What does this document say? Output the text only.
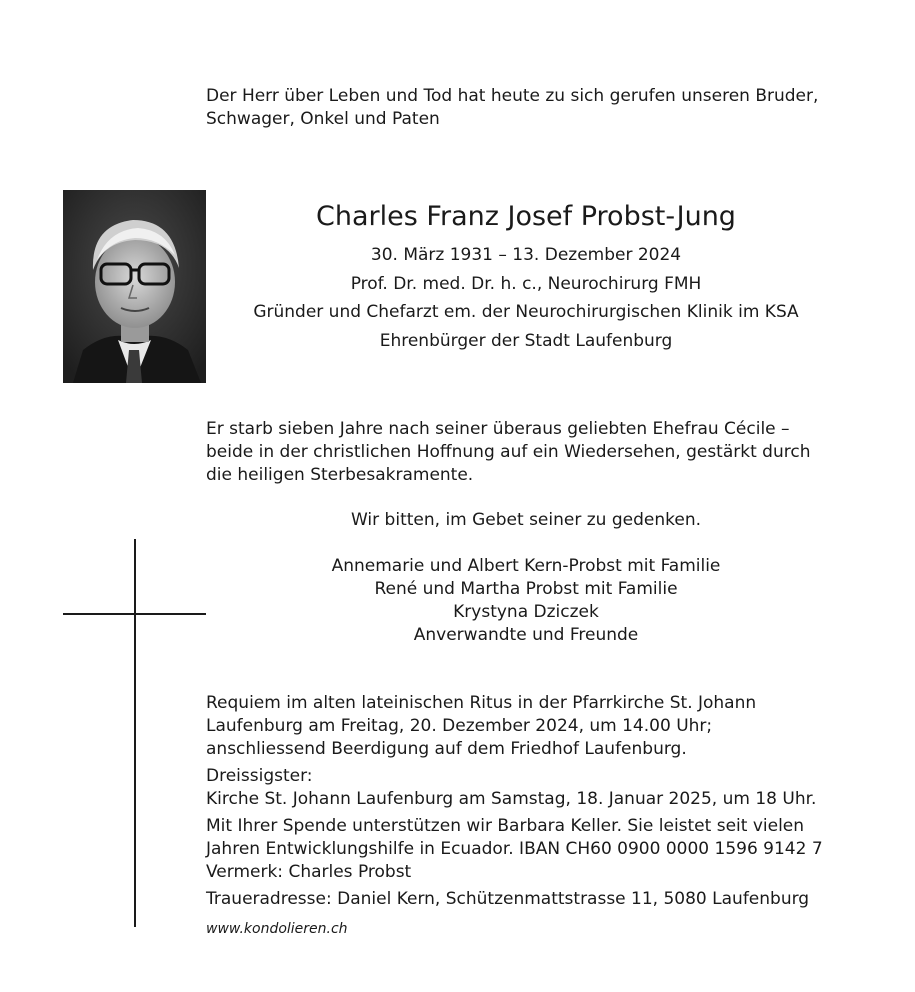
Der Herr über Leben und Tod hat heute zu sich gerufen unseren Bruder,
Schwager, Onkel und Paten
Charles Franz Josef Probst-Jung
30. März 1931 – 13. Dezember 2024
Prof. Dr. med. Dr. h. c., Neurochirurg FMH
Gründer und Chefarzt em. der Neurochirurgischen Klinik im KSA
Ehrenbürger der Stadt Laufenburg
Er starb sieben Jahre nach seiner überaus geliebten Ehefrau Cécile –
beide in der christlichen Hoffnung auf ein Wiedersehen, gestärkt durch
die heiligen Sterbesakramente.
Wir bitten, im Gebet seiner zu gedenken.
Annemarie und Albert Kern-Probst mit Familie
René und Martha Probst mit Familie
Krystyna Dziczek
Anverwandte und Freunde

Requiem im alten lateinischen Ritus in der Pfarrkirche St. Johann
Laufenburg am Freitag, 20. Dezember 2024, um 14.00 Uhr;
anschliessend Beerdigung auf dem Friedhof Laufenburg.

Dreissigster:
Kirche St. Johann Laufenburg am Samstag, 18. Januar 2025, um 18 Uhr.

Mit Ihrer Spende unterstützen wir Barbara Keller. Sie leistet seit vielen
Jahren Entwicklungshilfe in Ecuador. IBAN CH60 0900 0000 1596 9142 7
Vermerk: Charles Probst

Traueradresse: Daniel Kern, Schützenmattstrasse 11, 5080 Laufenburg

www.kondolieren.ch
